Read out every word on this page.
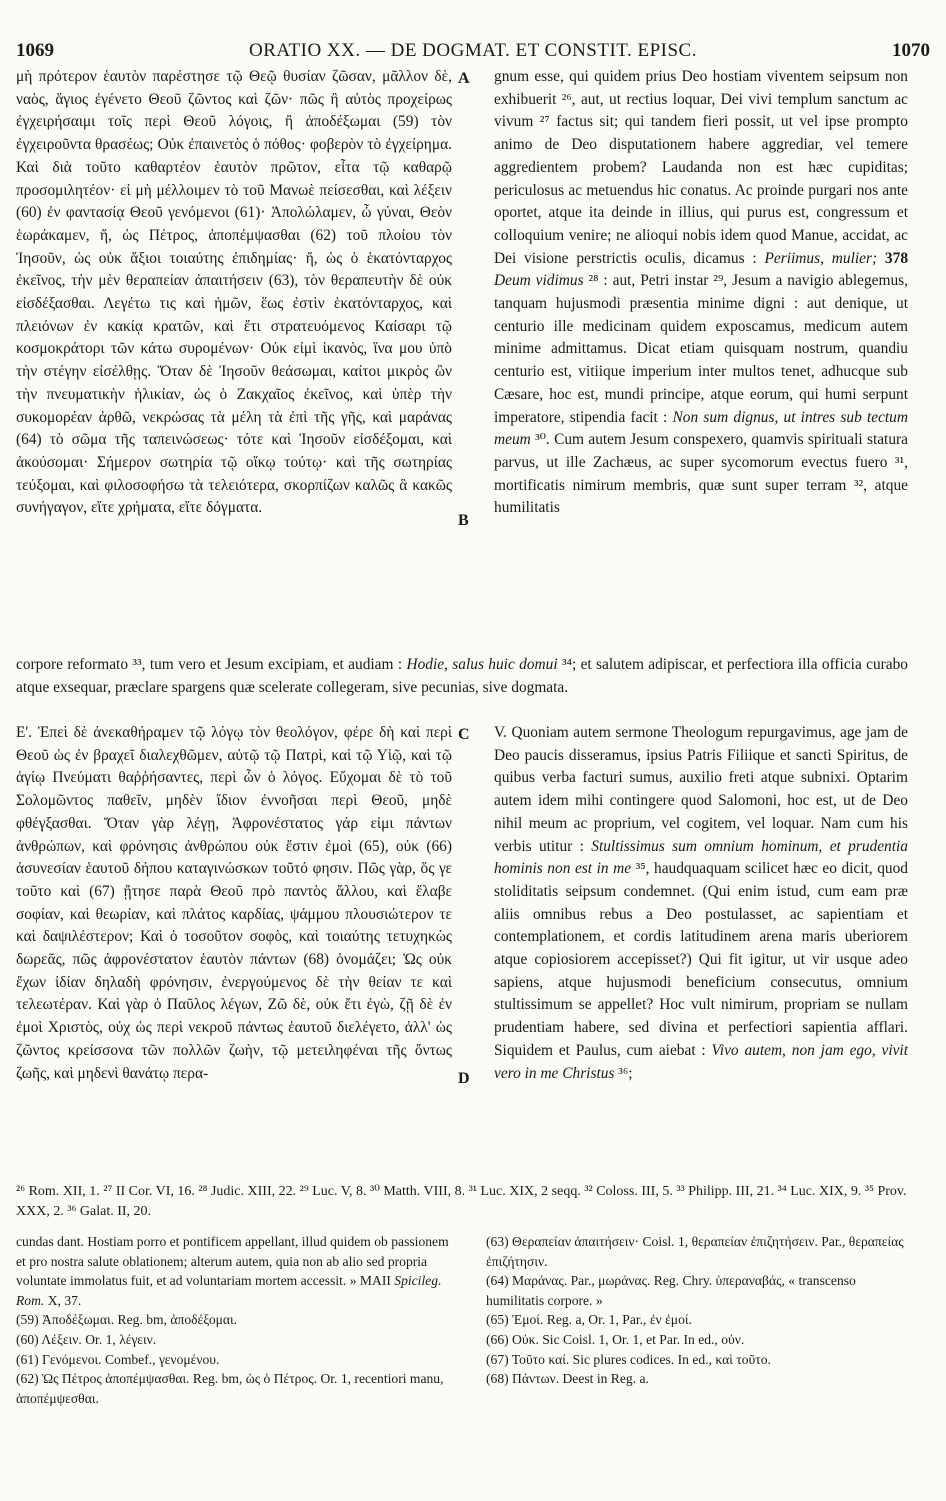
1069	ORATIO XX. — DE DOGMAT. ET CONSTIT. EPISC.	1070

μὴ πρότερον ἑαυτὸν παρέστησε τῷ Θεῷ θυσίαν ζῶσαν, μᾶλλον δὲ, ναὸς, ἅγιος ἐγένετο Θεοῦ ζῶντος καὶ ζῶν· πῶς ἢ αὐτὸς προχείρως ἐγχειρήσαιμι τοῖς περὶ Θεοῦ λόγοις, ἢ ἀποδέξωμαι (59) τὸν ἐγχειροῦντα θρασέως; Οὐκ ἐπαινετὸς ὁ πόθος· φοβερὸν τὸ ἐγχείρημα. Καὶ διὰ τοῦτο καθαρτέον ἑαυτὸν πρῶτον, εἶτα τῷ καθαρῷ προσομιλητέον· εἰ μὴ μέλλοιμεν τὸ τοῦ Μανωὲ πείσεσθαι, καὶ λέξειν (60) ἐν φαντασίᾳ Θεοῦ γενόμενοι (61)· Ἀπολώλαμεν, ὦ γύναι, Θεὸν ἑωράκαμεν, ἤ, ὡς Πέτρος, ἀποπέμψασθαι (62) τοῦ πλοίου τὸν Ἰησοῦν, ὡς οὐκ ἄξιοι τοιαύτης ἐπιδημίας· ἤ, ὡς ὁ ἑκατόνταρχος ἐκεῖνος, τὴν μὲν θεραπείαν ἀπαιτήσειν (63), τὸν θεραπευτὴν δὲ οὐκ εἰσδέξασθαι. Λεγέτω τις καὶ ἡμῶν, ἕως ἐστὶν ἑκατόνταρχος, καὶ πλειόνων ἐν κακίᾳ κρατῶν, καὶ ἔτι στρατευόμενος Καίσαρι τῷ κοσμοκράτορι τῶν κάτω συρομένων· Οὐκ εἰμὶ ἱκανὸς, ἵνα μου ὑπὸ τὴν στέγην εἰσέλθῃς. Ὅταν δὲ Ἰησοῦν θεάσωμαι, καίτοι μικρὸς ὢν τὴν πνευματικὴν ἡλικίαν, ὡς ὁ Ζακχαῖος ἐκεῖνος, καὶ ὑπὲρ τὴν συκομορέαν ἀρθῶ, νεκρώσας τὰ μέλη τὰ ἐπὶ τῆς γῆς, καὶ μαράνας (64) τὸ σῶμα τῆς ταπεινώσεως· τότε καὶ Ἰησοῦν εἰσδέξομαι, καὶ ἀκούσομαι· Σήμερον σωτηρία τῷ οἴκῳ τούτῳ· καὶ τῆς σωτηρίας τεύξομαι, καὶ φιλοσοφήσω τὰ τελειότερα, σκορπίζων καλῶς ἃ κακῶς συνήγαγον, εἴτε χρήματα, εἴτε δόγματα.

A
B

gnum esse, qui quidem prius Deo hostiam viventem seipsum non exhibuerit ²⁶, aut, ut rectius loquar, Dei vivi templum sanctum ac vivum ²⁷ factus sit; qui tandem fieri possit, ut vel ipse prompto animo de Deo disputationem habere aggrediar, vel temere aggredientem probem? Laudanda non est hæc cupiditas; periculosus ac metuendus hic conatus. Ac proinde purgari nos ante oportet, atque ita deinde in illius, qui purus est, congressum et colloquium venire; ne alioqui nobis idem quod Manue, accidat, ac Dei visione perstrictis oculis, dicamus : Periimus, mulier; 378 Deum vidimus ²⁸ : aut, Petri instar ²⁹, Jesum a navigio ablegemus, tanquam hujusmodi præsentia minime digni : aut denique, ut centurio ille medicinam quidem exposcamus, medicum autem minime admittamus. Dicat etiam quisquam nostrum, quandiu centurio est, vitiique imperium inter multos tenet, adhucque sub Cæsare, hoc est, mundi principe, atque eorum, qui humi serpunt imperatore, stipendia facit : Non sum dignus, ut intres sub tectum meum ³⁰. Cum autem Jesum conspexero, quamvis spirituali statura parvus, ut ille Zachæus, ac super sycomorum evectus fuero ³¹, mortificatis nimirum membris, quæ sunt super terram ³², atque humilitatis

corpore reformato ³³, tum vero et Jesum excipiam, et audiam : Hodie, salus huic domui ³⁴; et salutem adipiscar, et perfectiora illa officia curabo atque exsequar, præclare spargens quæ scelerate collegeram, sive pecunias, sive dogmata.

Ε'. Ἐπεὶ δὲ ἀνεκαθήραμεν τῷ λόγῳ τὸν θεολόγον, φέρε δὴ καὶ περὶ Θεοῦ ὡς ἐν βραχεῖ διαλεχθῶμεν, αὐτῷ τῷ Πατρὶ, καὶ τῷ Υἱῷ, καὶ τῷ ἁγίῳ Πνεύματι θαῤῥήσαντες, περὶ ὧν ὁ λόγος. Εὔχομαι δὲ τὸ τοῦ Σολομῶντος παθεῖν, μηδὲν ἴδιον ἐννοῆσαι περὶ Θεοῦ, μηδὲ φθέγξασθαι. Ὅταν γὰρ λέγῃ, Ἀφρονέστατος γάρ εἰμι πάντων ἀνθρώπων, καὶ φρόνησις ἀνθρώπου οὐκ ἔστιν ἐμοὶ (65), οὐκ (66) ἀσυνεσίαν ἑαυτοῦ δήπου καταγινώσκων τοῦτό φησιν. Πῶς γὰρ, ὅς γε τοῦτο καὶ (67) ᾔτησε παρὰ Θεοῦ πρὸ παντὸς ἄλλου, καὶ ἔλαβε σοφίαν, καὶ θεωρίαν, καὶ πλάτος καρδίας, ψάμμου πλουσιώτερον τε καὶ δαψιλέστερον; Καὶ ὁ τοσοῦτον σοφὸς, καὶ τοιαύτης τετυχηκὼς δωρεᾶς, πῶς ἀφρονέστατον ἑαυτὸν πάντων (68) ὀνομάζει; Ὡς οὐκ ἔχων ἰδίαν δηλαδὴ φρόνησιν, ἐνεργούμενος δὲ τὴν θείαν τε καὶ τελεωτέραν. Καὶ γὰρ ὁ Παῦλος λέγων, Ζῶ δὲ, οὐκ ἔτι ἐγὼ, ζῇ δὲ ἐν ἐμοὶ Χριστὸς, οὐχ ὡς περὶ νεκροῦ πάντως ἑαυτοῦ διελέγετο, ἀλλ' ὡς ζῶντος κρείσσονα τῶν πολλῶν ζωὴν, τῷ μετειληφέναι τῆς ὄντως ζωῆς, καὶ μηδενὶ θανάτῳ περα-

C
D

V. Quoniam autem sermone Theologum repurgavimus, age jam de Deo paucis disseramus, ipsius Patris Filiique et sancti Spiritus, de quibus verba facturi sumus, auxilio freti atque subnixi. Optarim autem idem mihi contingere quod Salomoni, hoc est, ut de Deo nihil meum ac proprium, vel cogitem, vel loquar. Nam cum his verbis utitur : Stultissimus sum omnium hominum, et prudentia hominis non est in me ³⁵, haudquaquam scilicet hæc eo dicit, quod stoliditatis seipsum condemnet. (Qui enim istud, cum eam præ aliis omnibus rebus a Deo postulasset, ac sapientiam et contemplationem, et cordis latitudinem arena maris uberiorem atque copiosiorem accepisset?) Qui fit igitur, ut vir usque adeo sapiens, atque hujusmodi beneficium consecutus, omnium stultissimum se appellet? Hoc vult nimirum, propriam se nullam prudentiam habere, sed divina et perfectiori sapientia afflari. Siquidem et Paulus, cum aiebat : Vivo autem, non jam ego, vivit vero in me Christus ³⁶;

²⁶ Rom. XII, 1. ²⁷ II Cor. VI, 16. ²⁸ Judic. XIII, 22. ²⁹ Luc. V, 8. ³⁰ Matth. VIII, 8. ³¹ Luc. XIX, 2 seqq. ³² Coloss. III, 5. ³³ Philipp. III, 21. ³⁴ Luc. XIX, 9. ³⁵ Prov. XXX, 2. ³⁶ Galat. II, 20.

cundas dant. Hostiam porro et pontificem appellant, illud quidem ob passionem et pro nostra salute oblationem; alterum autem, quia non ab alio sed propria voluntate immolatus fuit, et ad voluntariam mortem accessit. » MAII Spicileg. Rom. X, 37.

(59) Ἀποδέξωμαι. Reg. bm, ἀποδέξομαι.

(60) Λέξειν. Or. 1, λέγειν.

(61) Γενόμενοι. Combef., γενομένου.

(62) Ὡς Πέτρος ἀποπέμψασθαι. Reg. bm, ὡς ὁ Πέτρος. Or. 1, recentiori manu, ἀποπέμψεσθαι.

(63) Θεραπείαν ἀπαιτήσειν· Coisl. 1, θεραπείαν ἐπιζητήσειν. Par., θεραπείας ἐπιζήτησιν.

(64) Μαράνας. Par., μωράνας. Reg. Chry. ὑπεραναβάς, « transcenso humilitatis corpore. »

(65) Ἐμοί. Reg. a, Or. 1, Par., ἐν ἐμοί.

(66) Οὐκ. Sic Coisl. 1, Or. 1, et Par. In ed., οὐν.

(67) Τοῦτο καί. Sic plures codices. In ed., καὶ τοῦτο.

(68) Πάντων. Deest in Reg. a.
